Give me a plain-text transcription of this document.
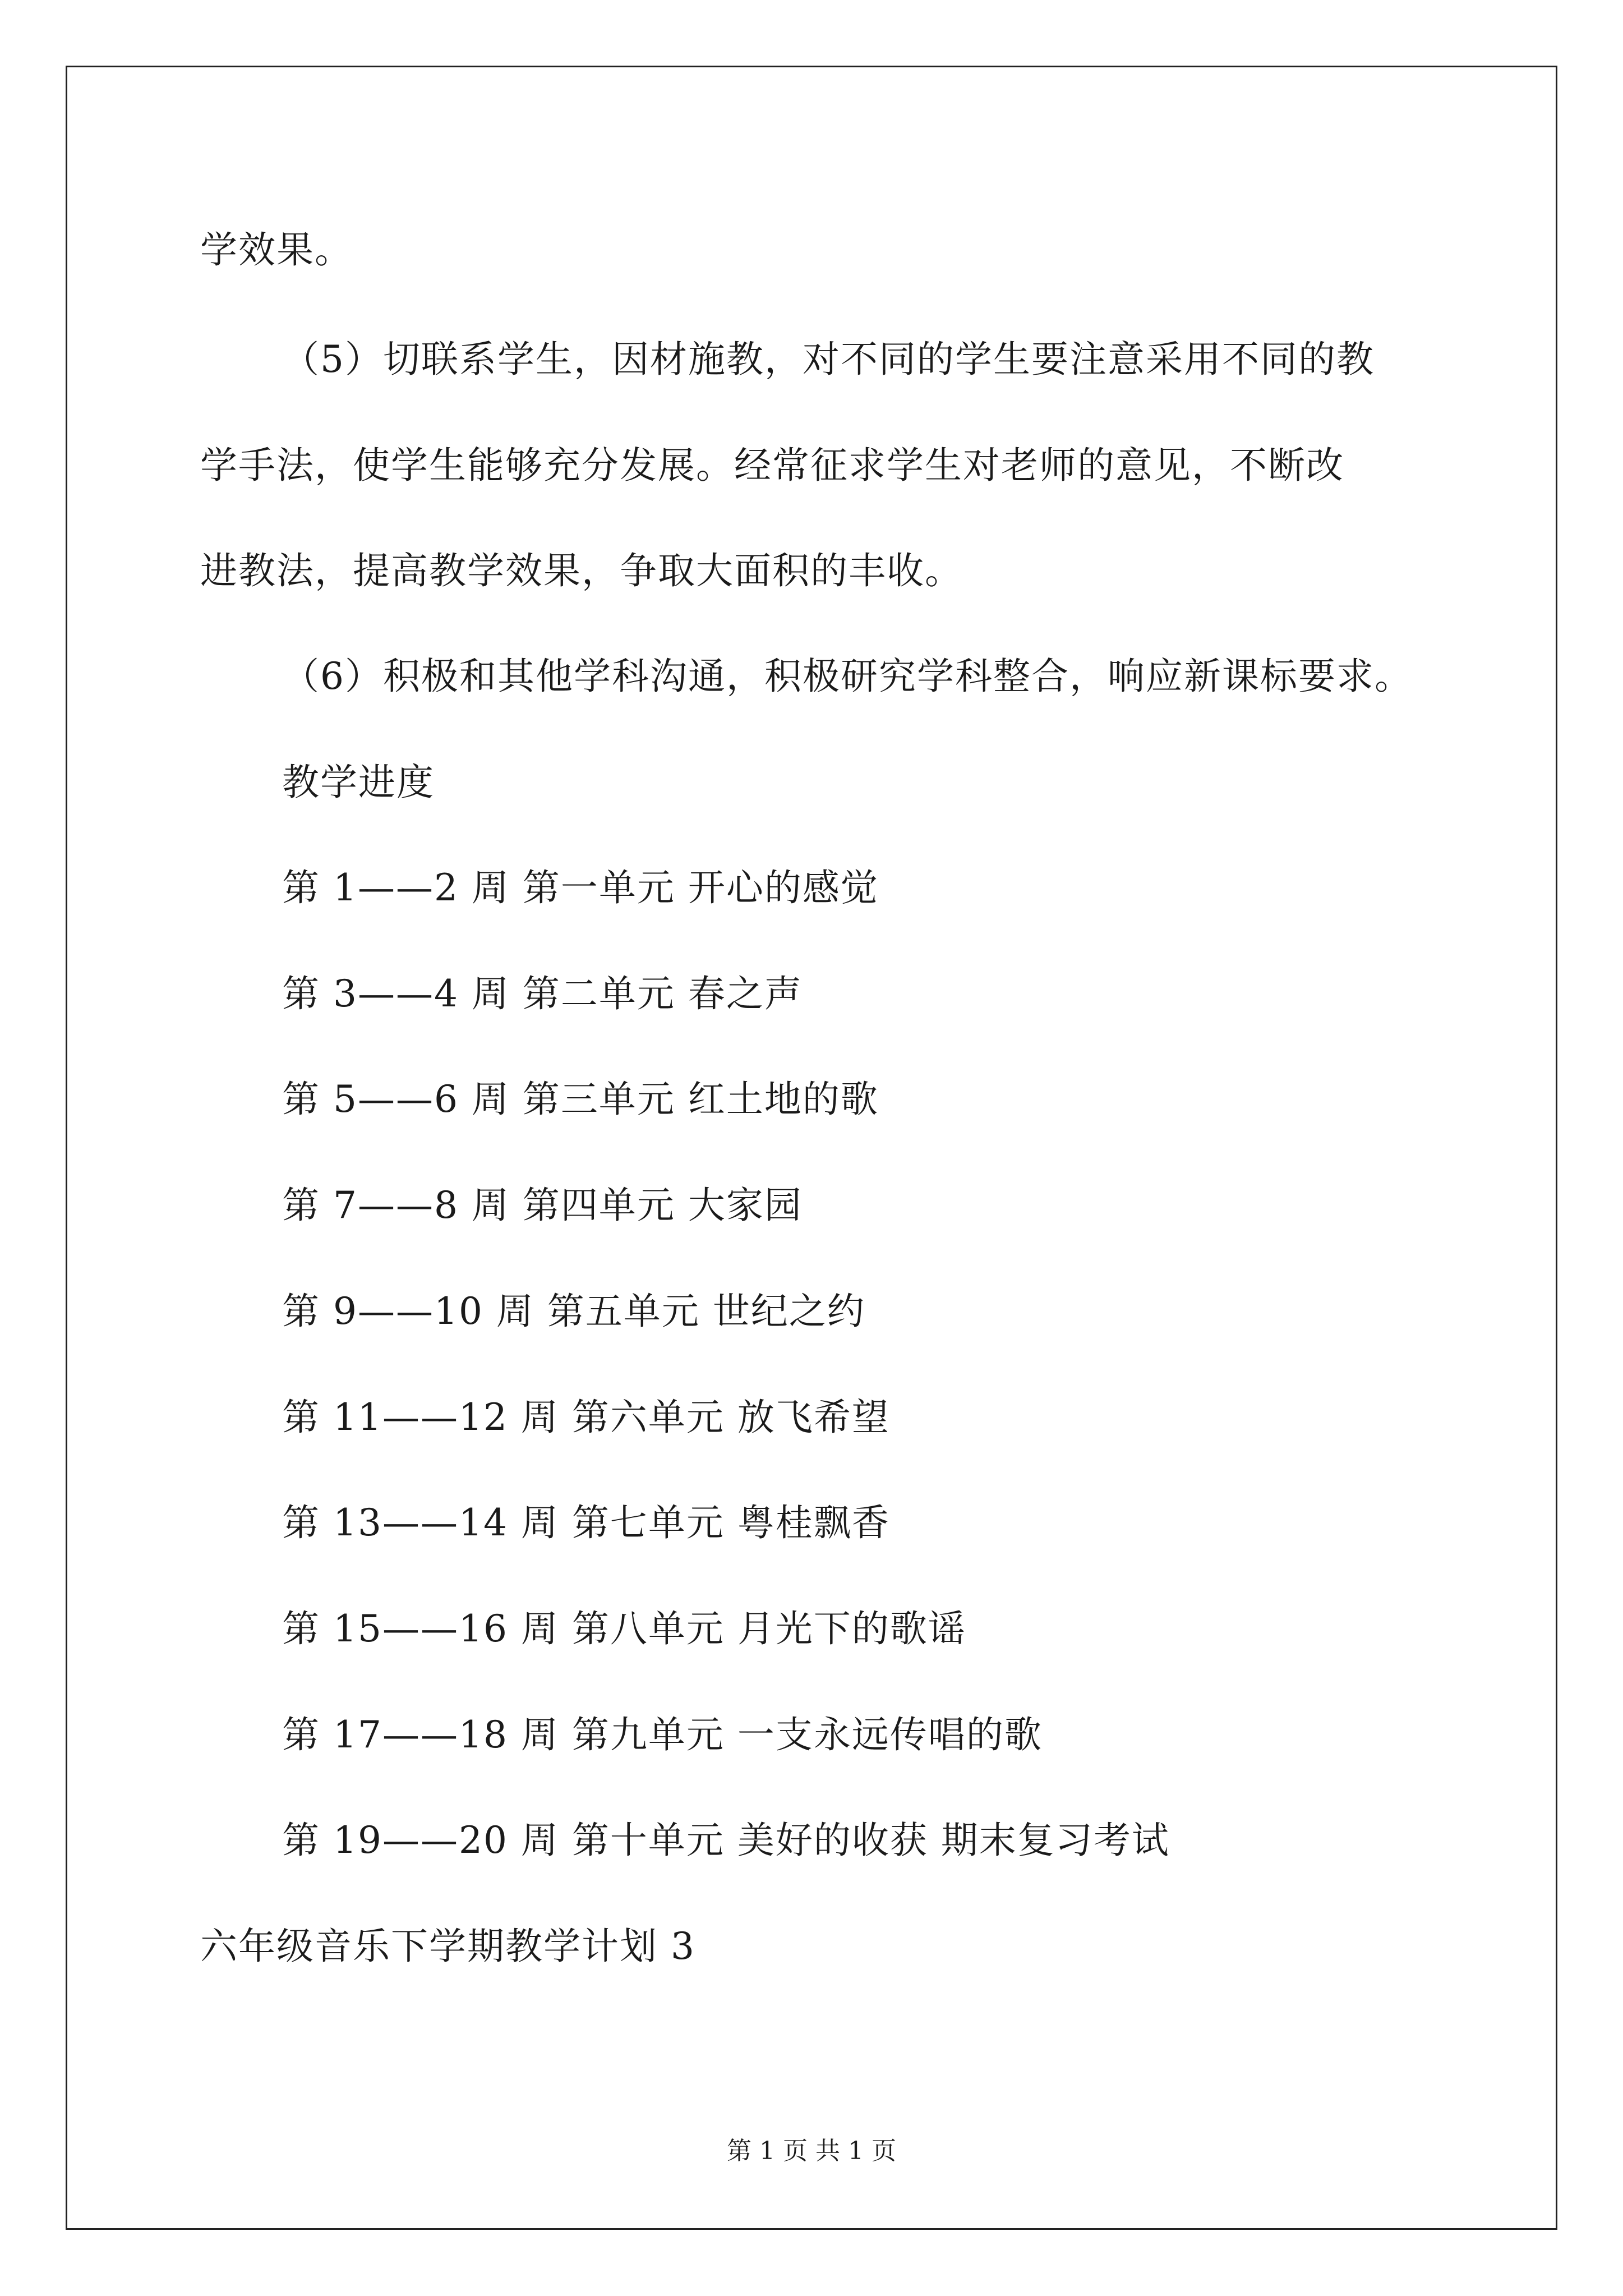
学效果。
（5）切联系学生，因材施教，对不同的学生要注意采用不同的教
学手法，使学生能够充分发展。经常征求学生对老师的意见，不断改
进教法，提高教学效果，争取大面积的丰收。
（6）积极和其他学科沟通，积极研究学科整合，响应新课标要求。
教学进度
第 1——2 周 第一单元 开心的感觉
第 3——4 周 第二单元 春之声
第 5——6 周 第三单元 红土地的歌
第 7——8 周 第四单元 大家园
第 9——10 周 第五单元 世纪之约
第 11——12 周 第六单元 放飞希望
第 13——14 周 第七单元 粤桂飘香
第 15——16 周 第八单元 月光下的歌谣
第 17——18 周 第九单元 一支永远传唱的歌
第 19——20 周 第十单元 美好的收获 期末复习考试
六年级音乐下学期教学计划 3
第 1 页 共 1 页
